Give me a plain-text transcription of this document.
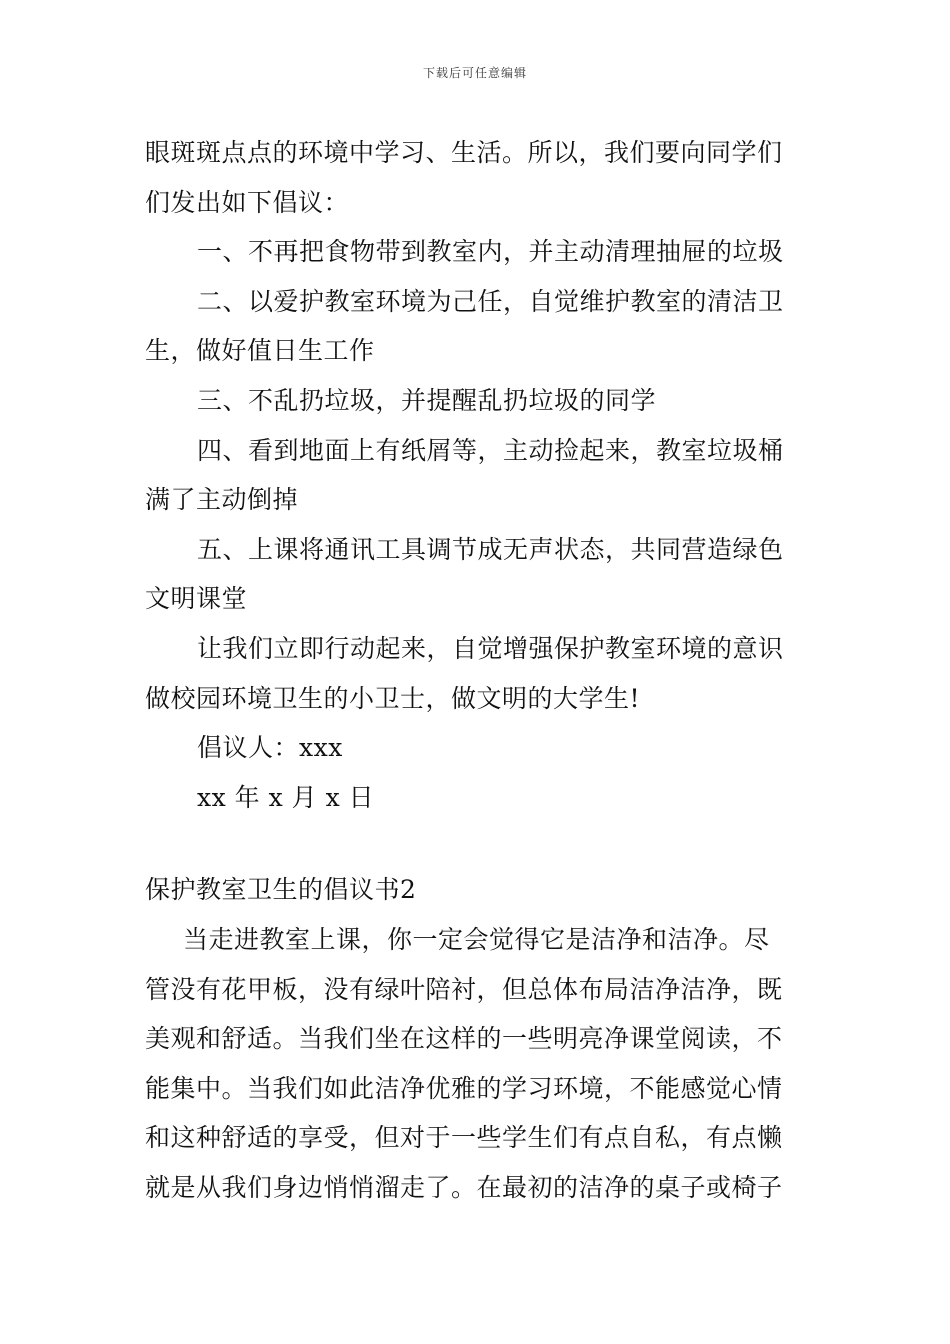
下载后可任意编辑
眼斑斑点点的环境中学习、生活。所以，我们要向同学们
们发出如下倡议：
一、不再把食物带到教室内，并主动清理抽屉的垃圾
二、以爱护教室环境为己任，自觉维护教室的清洁卫
生，做好值日生工作
三、不乱扔垃圾，并提醒乱扔垃圾的同学
四、看到地面上有纸屑等，主动捡起来，教室垃圾桶
满了主动倒掉
五、上课将通讯工具调节成无声状态，共同营造绿色
文明课堂
让我们立即行动起来，自觉增强保护教室环境的意识
做校园环境卫生的小卫士，做文明的大学生!
倡议人：xxx
xx 年 x 月 x 日
保护教室卫生的倡议书2
当走进教室上课，你一定会觉得它是洁净和洁净。尽
管没有花甲板，没有绿叶陪衬，但总体布局洁净洁净，既
美观和舒适。当我们坐在这样的一些明亮净课堂阅读，不
能集中。当我们如此洁净优雅的学习环境，不能感觉心情
和这种舒适的享受，但对于一些学生们有点自私，有点懒
就是从我们身边悄悄溜走了。在最初的洁净的桌子或椅子
